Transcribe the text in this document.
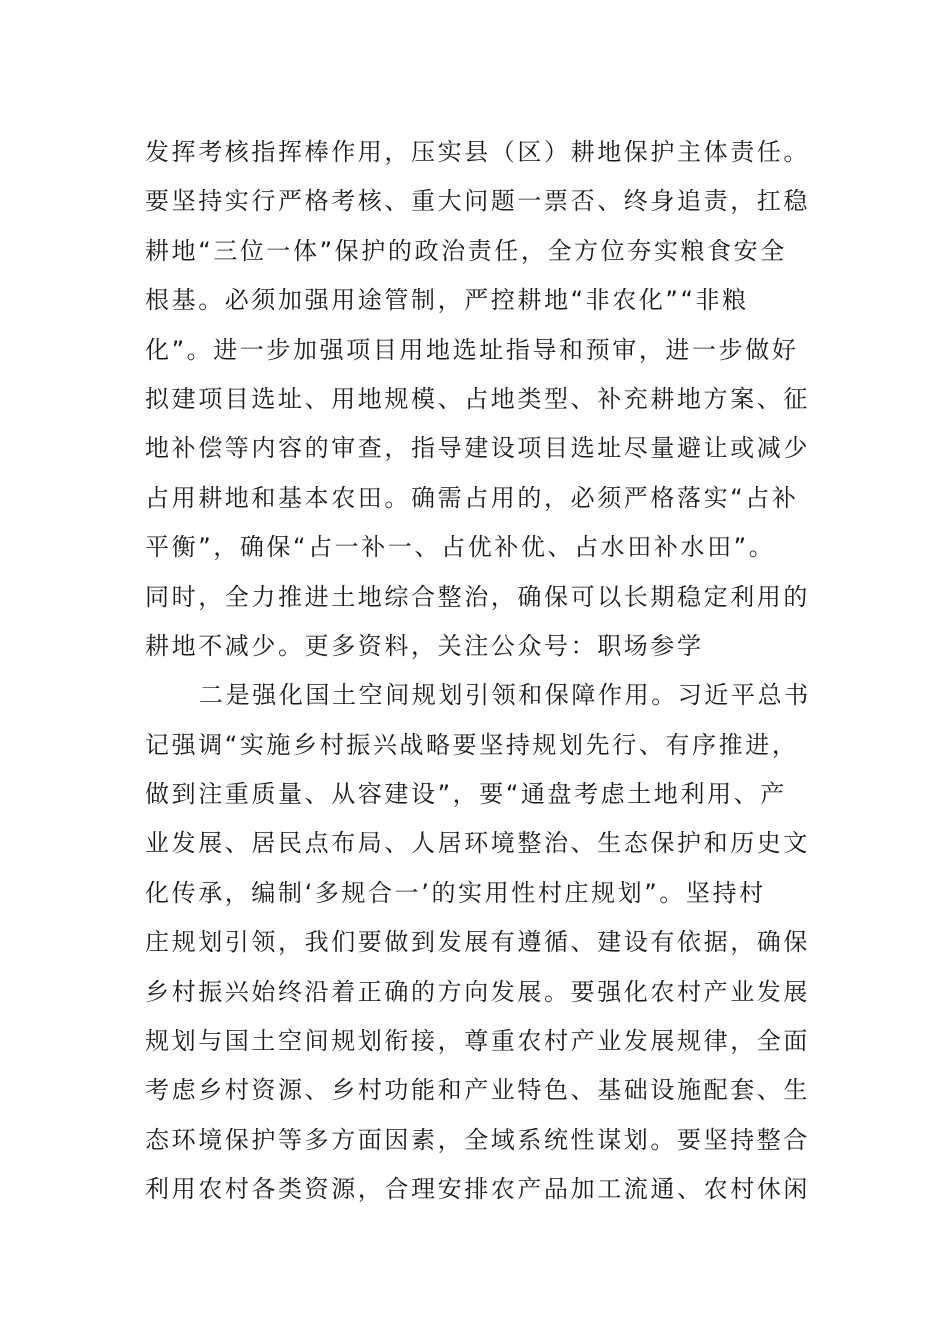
发挥考核指挥棒作用，压实县（区）耕地保护主体责任。
要坚持实行严格考核、重大问题一票否、终身追责，扛稳
耕地“三位一体”保护的政治责任，全方位夯实粮食安全
根基。必须加强用途管制，严控耕地“非农化”“非粮
化”。进一步加强项目用地选址指导和预审，进一步做好
拟建项目选址、用地规模、占地类型、补充耕地方案、征
地补偿等内容的审查，指导建设项目选址尽量避让或减少
占用耕地和基本农田。确需占用的，必须严格落实“占补
平衡”，确保“占一补一、占优补优、占水田补水田”。
同时，全力推进土地综合整治，确保可以长期稳定利用的
耕地不减少。更多资料，关注公众号：职场参学
二是强化国土空间规划引领和保障作用。习近平总书
记强调“实施乡村振兴战略要坚持规划先行、有序推进，
做到注重质量、从容建设”，要“通盘考虑土地利用、产
业发展、居民点布局、人居环境整治、生态保护和历史文
化传承，编制‘多规合一’的实用性村庄规划”。坚持村
庄规划引领，我们要做到发展有遵循、建设有依据，确保
乡村振兴始终沿着正确的方向发展。要强化农村产业发展
规划与国土空间规划衔接，尊重农村产业发展规律，全面
考虑乡村资源、乡村功能和产业特色、基础设施配套、生
态环境保护等多方面因素，全域系统性谋划。要坚持整合
利用农村各类资源，合理安排农产品加工流通、农村休闲
